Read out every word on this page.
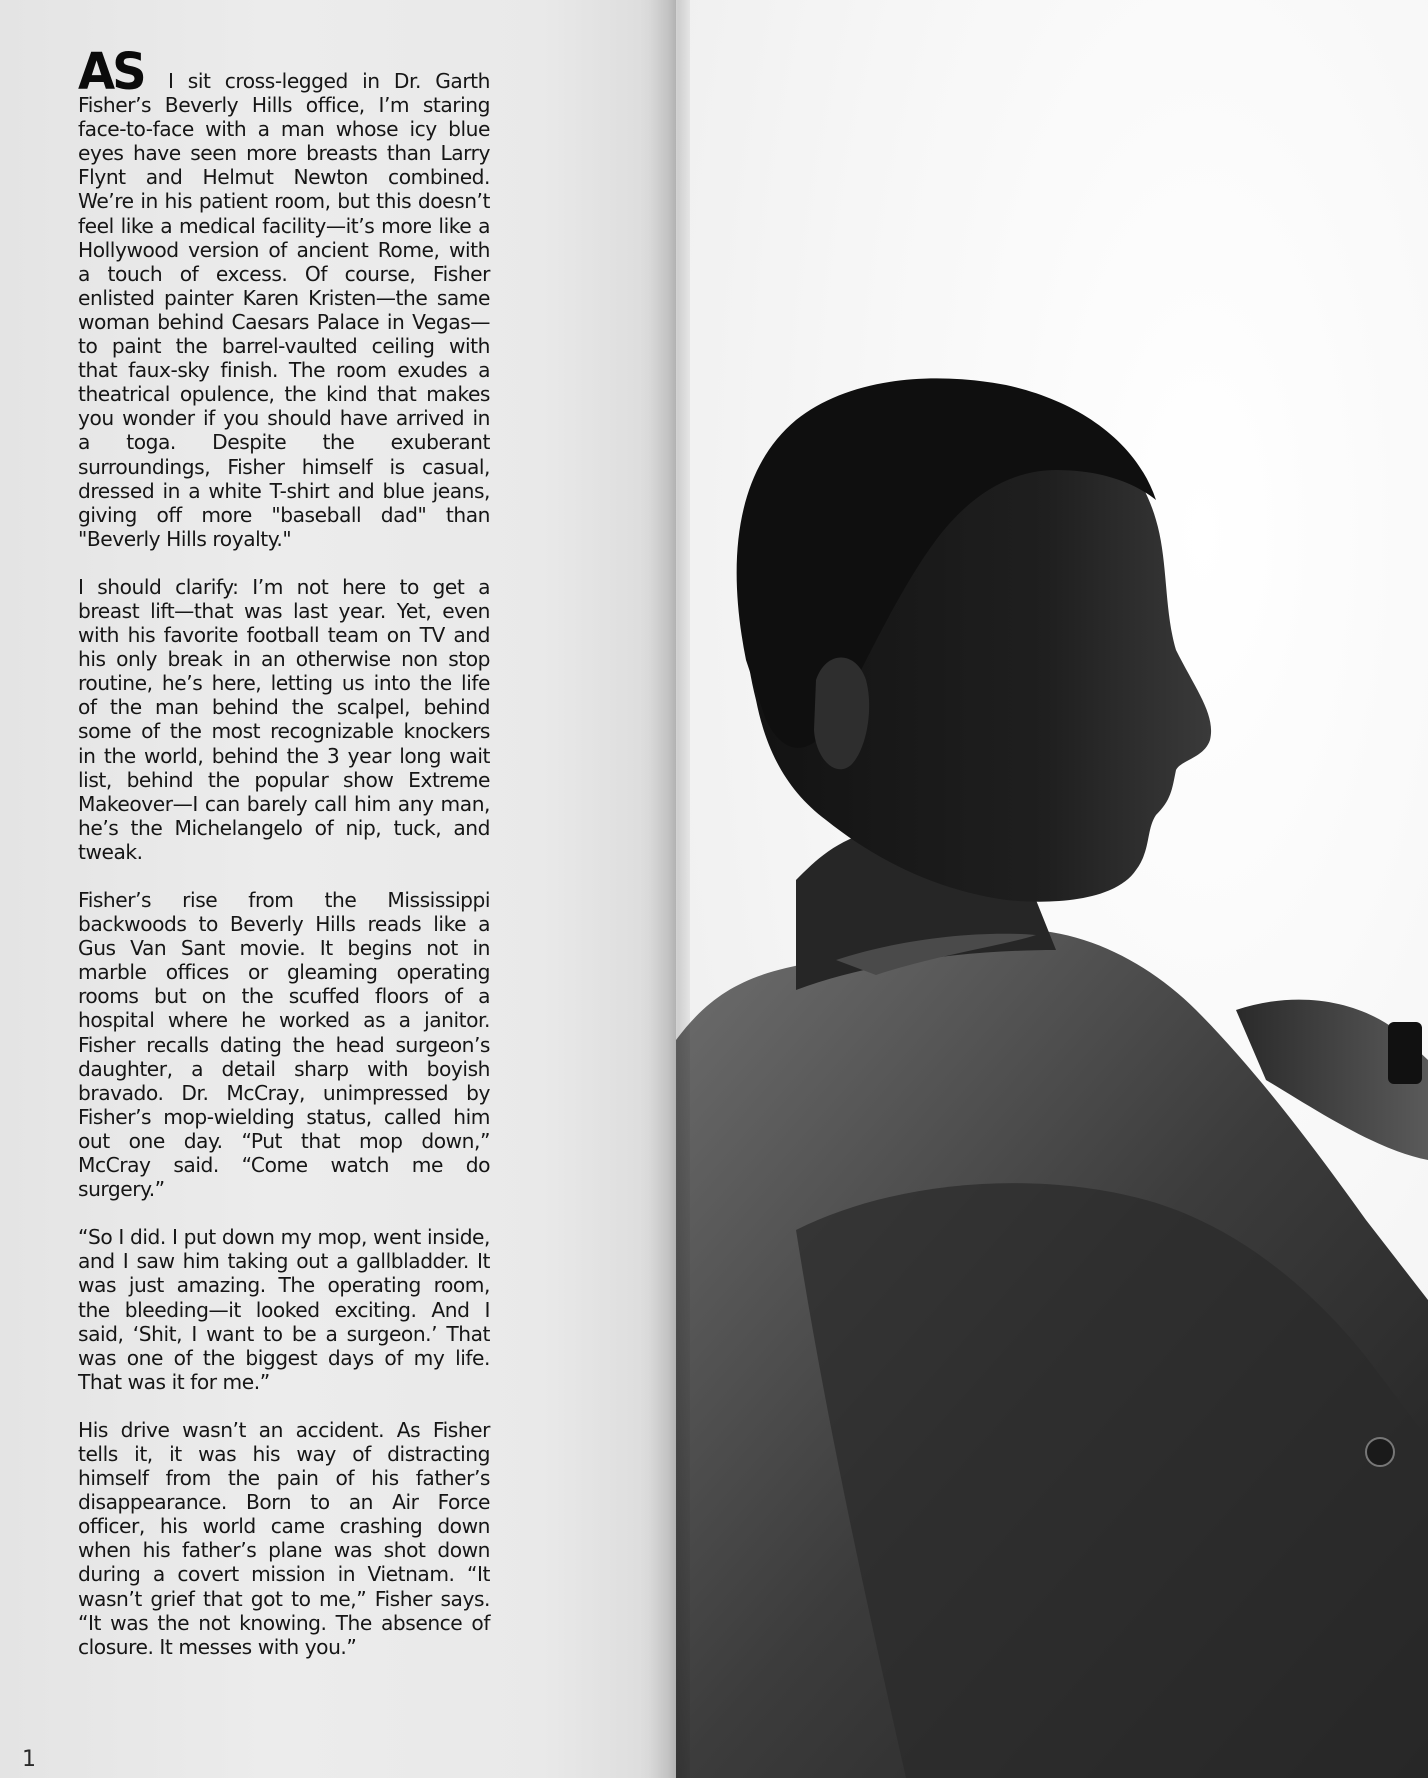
AS I sit cross-legged in Dr. Garth Fisher’s Beverly Hills office, I’m staring face-to-face with a man whose icy blue eyes have seen more breasts than Larry Flynt and Helmut Newton combined. We’re in his patient room, but this doesn’t feel like a medical facility—it’s more like a Hollywood version of ancient Rome, with a touch of excess. Of course, Fisher enlisted painter Karen Kristen—the same woman behind Caesars Palace in Vegas—to paint the barrel-vaulted ceiling with that faux-sky finish. The room exudes a theatrical opulence, the kind that makes you wonder if you should have arrived in a toga. Despite the exuberant surroundings, Fisher himself is casual, dressed in a white T-shirt and blue jeans, giving off more "baseball dad" than "Beverly Hills royalty."

I should clarify: I’m not here to get a breast lift—that was last year. Yet, even with his favorite football team on TV and his only break in an otherwise non stop routine, he’s here, letting us into the life of the man behind the scalpel, behind some of the most recognizable knockers in the world, behind the 3 year long wait list, behind the popular show Extreme Makeover—I can barely call him any man, he’s the Michelangelo of nip, tuck, and tweak.

Fisher’s rise from the Mississippi backwoods to Beverly Hills reads like a Gus Van Sant movie. It begins not in marble offices or gleaming operating rooms but on the scuffed floors of a hospital where he worked as a janitor. Fisher recalls dating the head surgeon’s daughter, a detail sharp with boyish bravado. Dr. McCray, unimpressed by Fisher’s mop-wielding status, called him out one day. “Put that mop down,” McCray said. “Come watch me do surgery.”

“So I did. I put down my mop, went inside, and I saw him taking out a gallbladder. It was just amazing. The operating room, the bleeding—it looked exciting. And I said, ‘Shit, I want to be a surgeon.’ That was one of the biggest days of my life. That was it for me.”

His drive wasn’t an accident. As Fisher tells it, it was his way of distracting himself from the pain of his father’s disappearance. Born to an Air Force officer, his world came crashing down when his father’s plane was shot down during a covert mission in Vietnam. “It wasn’t grief that got to me,” Fisher says. “It was the not knowing. The absence of closure. It messes with you.”

1
